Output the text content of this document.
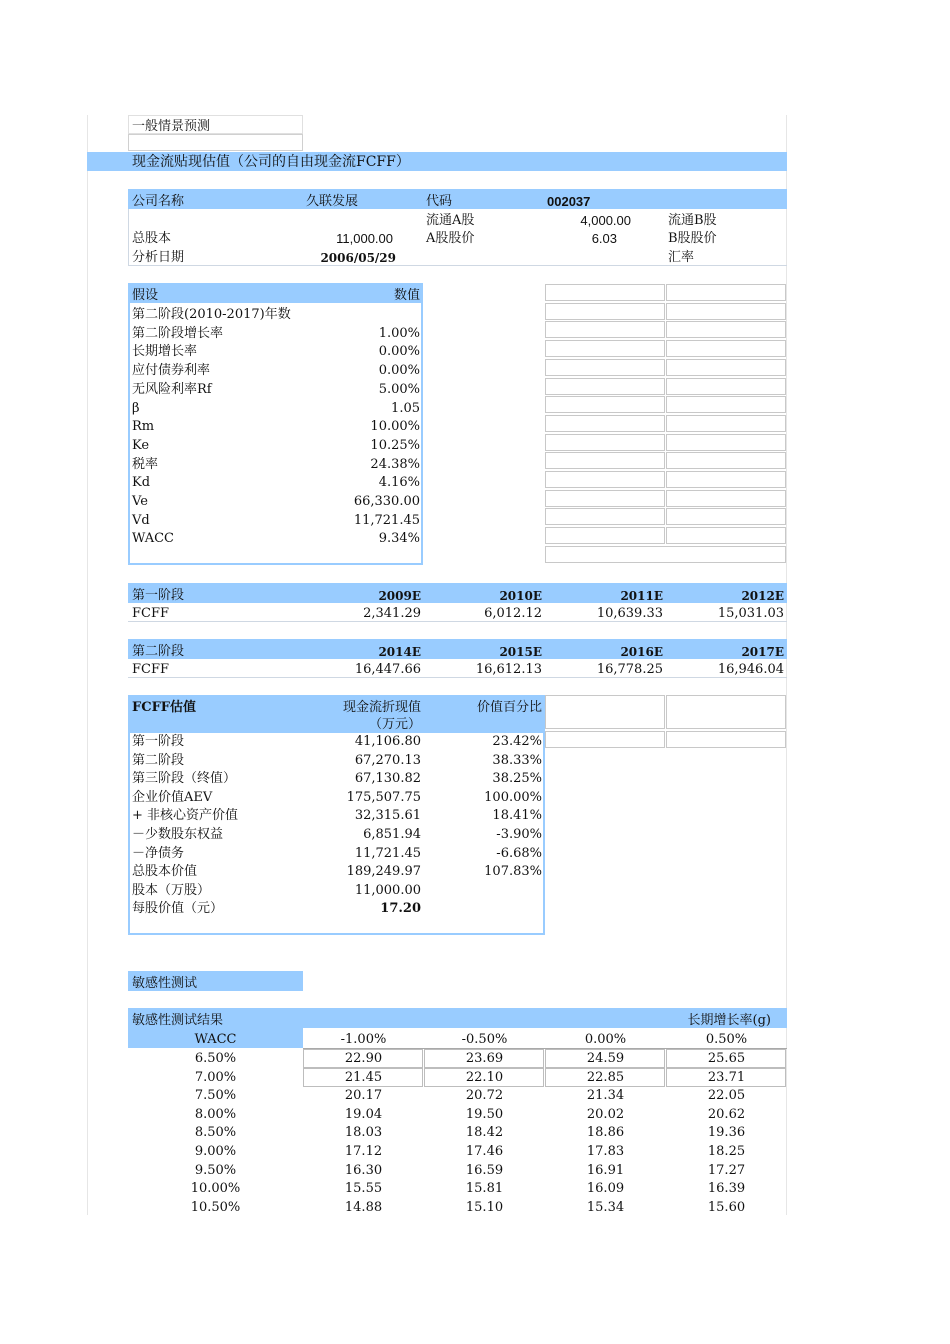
一般情景预测
现金流贴现估值（公司的自由现金流FCFF）
公司名称	久联发展	代码	002037
流通A股	4,000.00	流通B股
总股本	11,000.00	A股股价	6.03	B股股价
分析日期	2006/05/29	汇率
假设	数值
第二阶段(2010-2017)年数
第二阶段增长率	1.00%
长期增长率	0.00%
应付债券利率	0.00%
无风险利率Rf	5.00%
β	1.05
Rm	10.00%
Ke	10.25%
税率	24.38%
Kd	4.16%
Ve	66,330.00
Vd	11,721.45
WACC	9.34%
第一阶段	2009E	2010E	2011E	2012E
FCFF	2,341.29	6,012.12	10,639.33	15,031.03
第二阶段	2014E	2015E	2016E	2017E
FCFF	16,447.66	16,612.13	16,778.25	16,946.04
FCFF估值	现金流折现值
（万元）
价值百分比
第一阶段	41,106.80	23.42%
第二阶段	67,270.13	38.33%
第三阶段（终值）	67,130.82	38.25%
企业价值AEV	175,507.75	100.00%
+ 非核心资产价值	32,315.61	18.41%
－少数股东权益	6,851.94	-3.90%
－净债务	11,721.45	-6.68%
总股本价值	189,249.97	107.83%
股本（万股）	11,000.00
每股价值（元）	17.20
敏感性测试
敏感性测试结果	长期增长率(g)
WACC	-1.00%	-0.50%	0.00%	0.50%
6.50%	22.90	23.69	24.59	25.65
7.00%	21.45	22.10	22.85	23.71
7.50%	20.17	20.72	21.34	22.05
8.00%	19.04	19.50	20.02	20.62
8.50%	18.03	18.42	18.86	19.36
9.00%	17.12	17.46	17.83	18.25
9.50%	16.30	16.59	16.91	17.27
10.00%	15.55	15.81	16.09	16.39
10.50%	14.88	15.10	15.34	15.60
